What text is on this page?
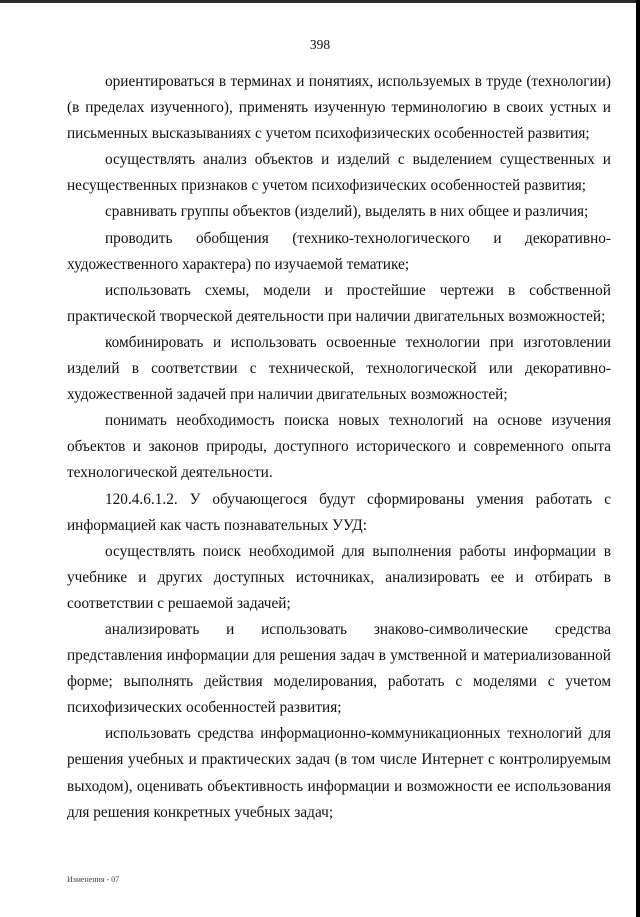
398

ориентироваться в терминах и понятиях, используемых в труде (технологии) (в пределах изученного), применять изученную терминологию в своих устных и письменных высказываниях с учетом психофизических особенностей развития;

осуществлять анализ объектов и изделий с выделением существенных и несущественных признаков с учетом психофизических особенностей развития;

сравнивать группы объектов (изделий), выделять в них общее и различия;

проводить обобщения (технико-технологического и декоративно-художественного характера) по изучаемой тематике;

использовать схемы, модели и простейшие чертежи в собственной практической творческой деятельности при наличии двигательных возможностей;

комбинировать и использовать освоенные технологии при изготовлении изделий в соответствии с технической, технологической или декоративно-художественной задачей при наличии двигательных возможностей;

понимать необходимость поиска новых технологий на основе изучения объектов и законов природы, доступного исторического и современного опыта технологической деятельности.

120.4.6.1.2. У обучающегося будут сформированы умения работать с информацией как часть познавательных УУД:

осуществлять поиск необходимой для выполнения работы информации в учебнике и других доступных источниках, анализировать ее и отбирать в соответствии с решаемой задачей;

анализировать и использовать знаково-символические средства представления информации для решения задач в умственной и материализованной форме; выполнять действия моделирования, работать с моделями с учетом психофизических особенностей развития;

использовать средства информационно-коммуникационных технологий для решения учебных и практических задач (в том числе Интернет с контролируемым выходом), оценивать объективность информации и возможности ее использования для решения конкретных учебных задач;

Изменения - 07
